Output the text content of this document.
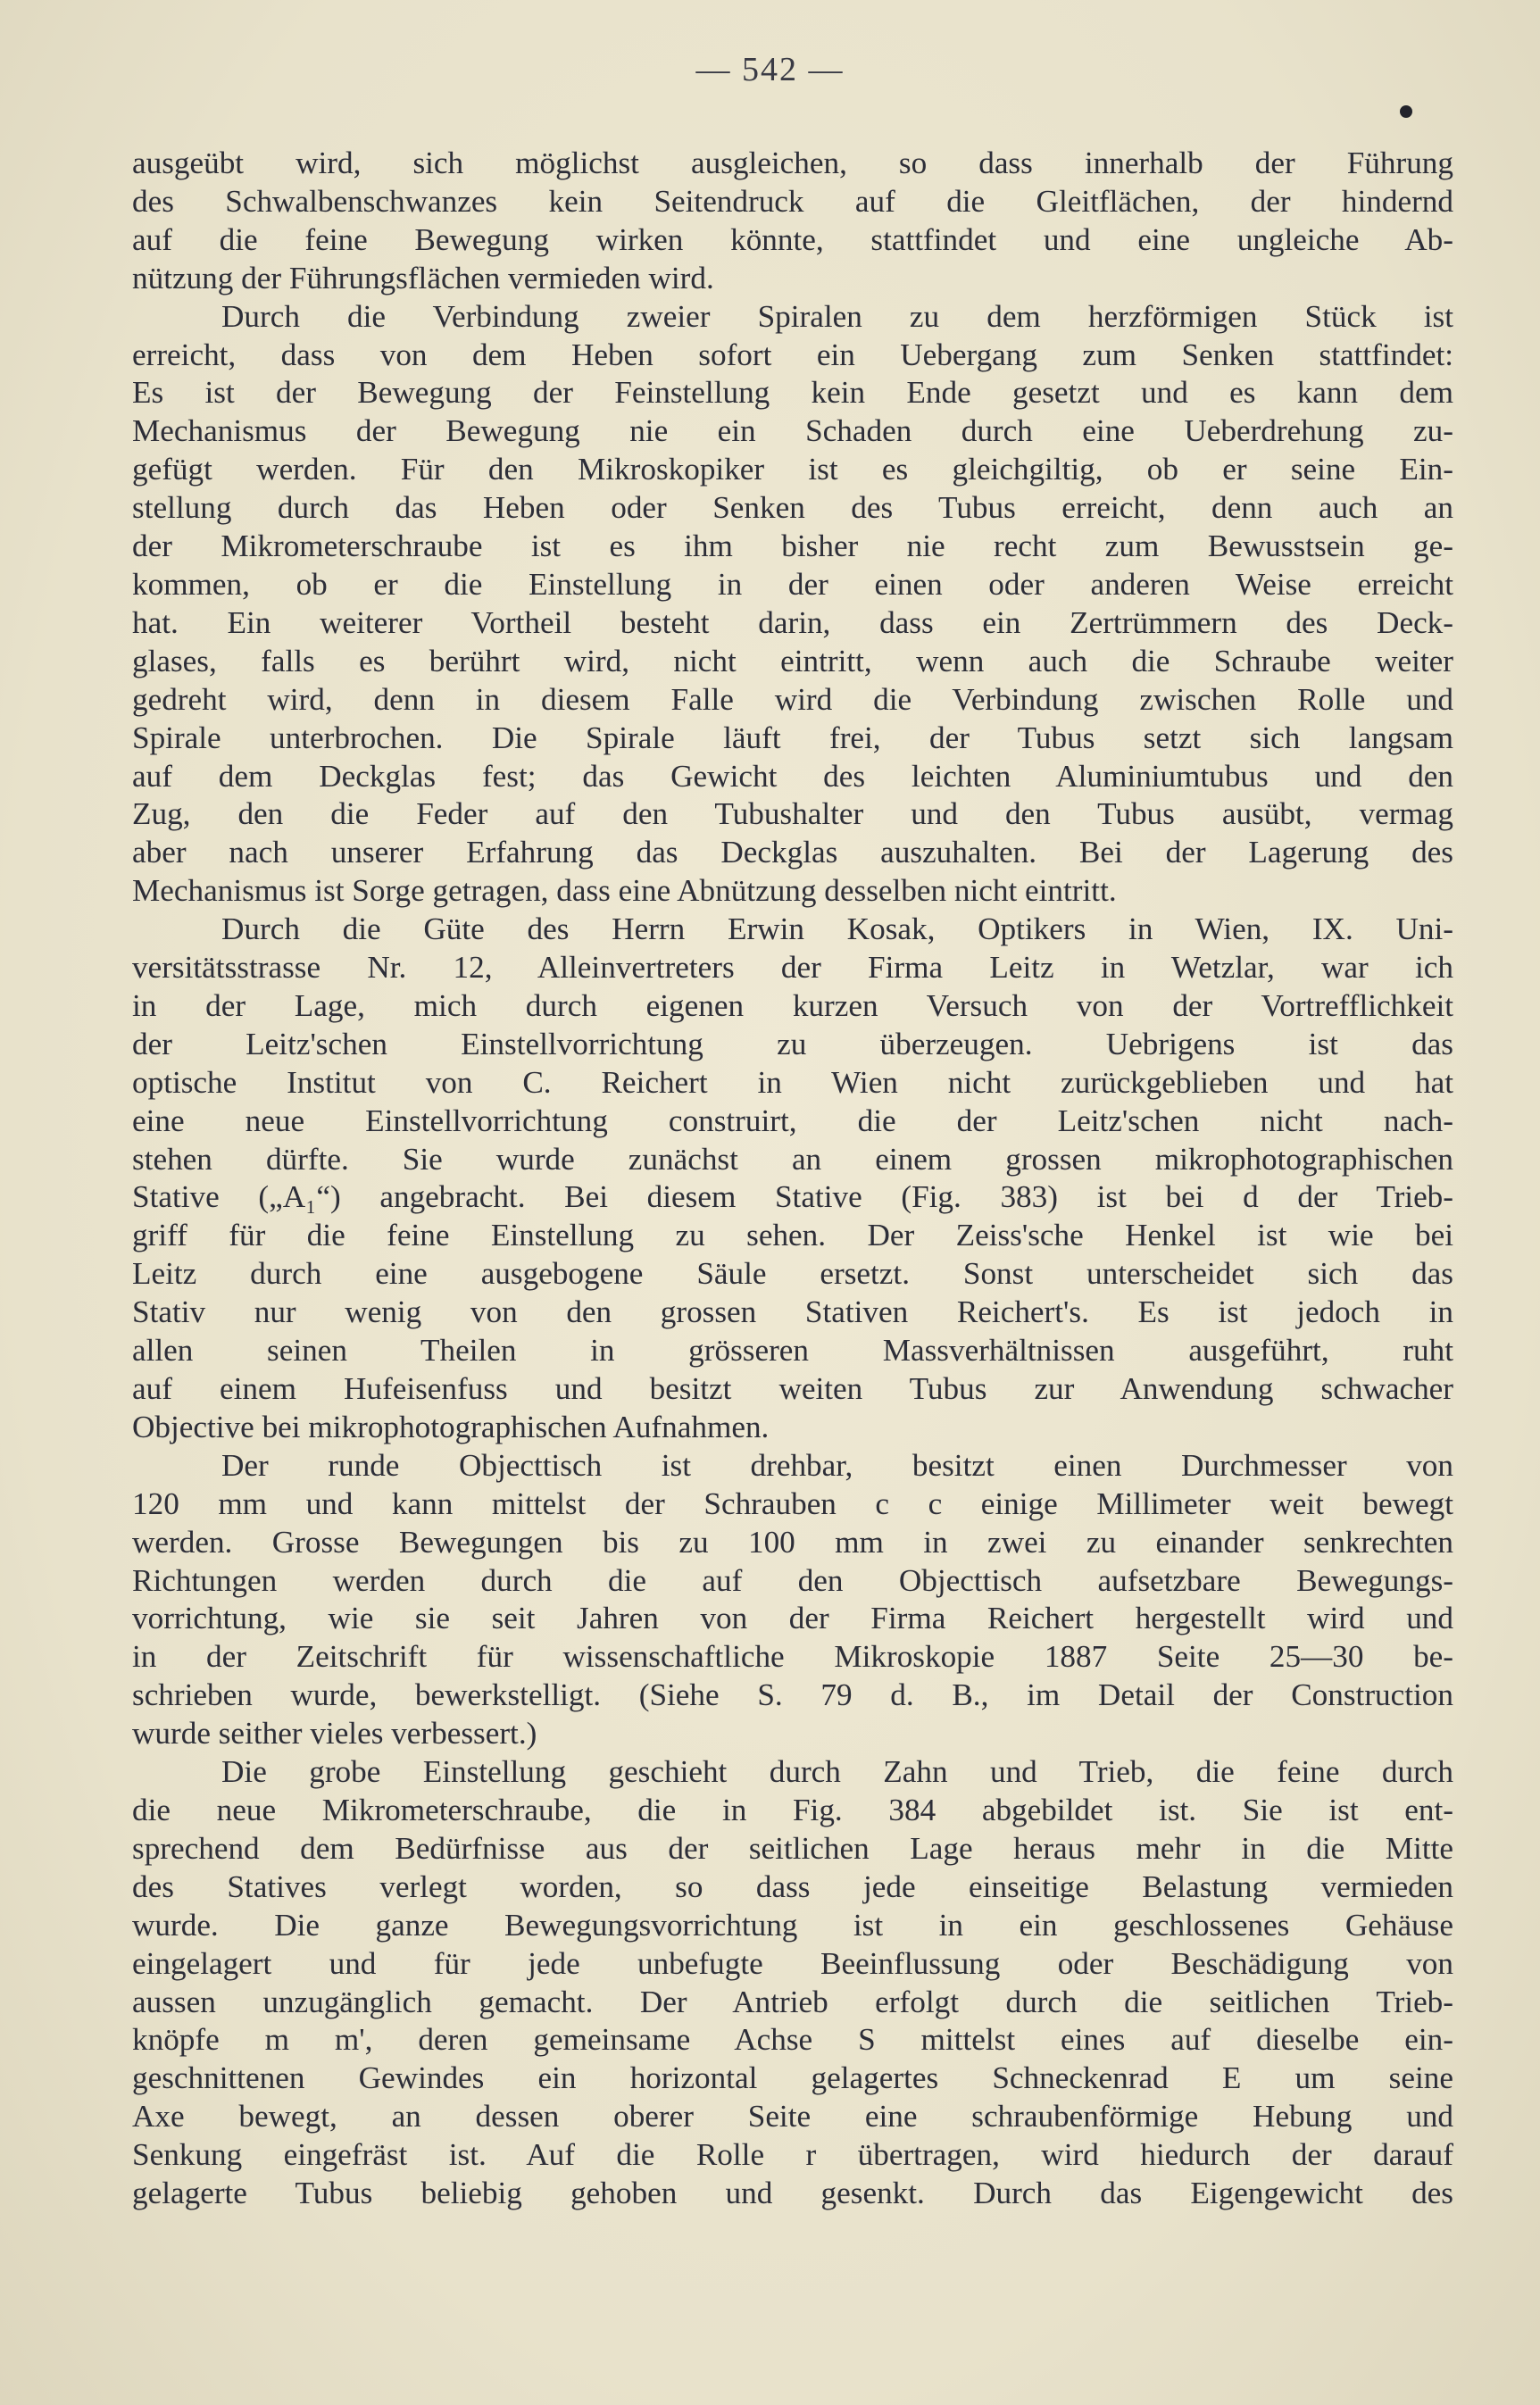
— 542 —
ausgeübt wird, sich möglichst ausgleichen, so dass innerhalb der Führung
des Schwalbenschwanzes kein Seitendruck auf die Gleitflächen, der hindernd
auf die feine Bewegung wirken könnte, stattfindet und eine ungleiche Ab-
nützung der Führungsflächen vermieden wird.
Durch die Verbindung zweier Spiralen zu dem herzförmigen Stück ist
erreicht, dass von dem Heben sofort ein Uebergang zum Senken stattfindet:
Es ist der Bewegung der Feinstellung kein Ende gesetzt und es kann dem
Mechanismus der Bewegung nie ein Schaden durch eine Ueberdrehung zu-
gefügt werden. Für den Mikroskopiker ist es gleichgiltig, ob er seine Ein-
stellung durch das Heben oder Senken des Tubus erreicht, denn auch an
der Mikrometerschraube ist es ihm bisher nie recht zum Bewusstsein ge-
kommen, ob er die Einstellung in der einen oder anderen Weise erreicht
hat. Ein weiterer Vortheil besteht darin, dass ein Zertrümmern des Deck-
glases, falls es berührt wird, nicht eintritt, wenn auch die Schraube weiter
gedreht wird, denn in diesem Falle wird die Verbindung zwischen Rolle und
Spirale unterbrochen. Die Spirale läuft frei, der Tubus setzt sich langsam
auf dem Deckglas fest; das Gewicht des leichten Aluminiumtubus und den
Zug, den die Feder auf den Tubushalter und den Tubus ausübt, vermag
aber nach unserer Erfahrung das Deckglas auszuhalten. Bei der Lagerung des
Mechanismus ist Sorge getragen, dass eine Abnützung desselben nicht eintritt.
Durch die Güte des Herrn Erwin Kosak, Optikers in Wien, IX. Uni-
versitätsstrasse Nr. 12, Alleinvertreters der Firma Leitz in Wetzlar, war ich
in der Lage, mich durch eigenen kurzen Versuch von der Vortrefflichkeit
der Leitz'schen Einstellvorrichtung zu überzeugen. Uebrigens ist das
optische Institut von C. Reichert in Wien nicht zurückgeblieben und hat
eine neue Einstellvorrichtung construirt, die der Leitz'schen nicht nach-
stehen dürfte. Sie wurde zunächst an einem grossen mikrophotographischen
Stative („A₁“) angebracht. Bei diesem Stative (Fig. 383) ist bei d der Trieb-
griff für die feine Einstellung zu sehen. Der Zeiss'sche Henkel ist wie bei
Leitz durch eine ausgebogene Säule ersetzt. Sonst unterscheidet sich das
Stativ nur wenig von den grossen Stativen Reichert's. Es ist jedoch in
allen seinen Theilen in grösseren Massverhältnissen ausgeführt, ruht
auf einem Hufeisenfuss und besitzt weiten Tubus zur Anwendung schwacher
Objective bei mikrophotographischen Aufnahmen.
Der runde Objecttisch ist drehbar, besitzt einen Durchmesser von
120 mm und kann mittelst der Schrauben c c einige Millimeter weit bewegt
werden. Grosse Bewegungen bis zu 100 mm in zwei zu einander senkrechten
Richtungen werden durch die auf den Objecttisch aufsetzbare Bewegungs-
vorrichtung, wie sie seit Jahren von der Firma Reichert hergestellt wird und
in der Zeitschrift für wissenschaftliche Mikroskopie 1887 Seite 25—30 be-
schrieben wurde, bewerkstelligt. (Siehe S. 79 d. B., im Detail der Construction
wurde seither vieles verbessert.)
Die grobe Einstellung geschieht durch Zahn und Trieb, die feine durch
die neue Mikrometerschraube, die in Fig. 384 abgebildet ist. Sie ist ent-
sprechend dem Bedürfnisse aus der seitlichen Lage heraus mehr in die Mitte
des Statives verlegt worden, so dass jede einseitige Belastung vermieden
wurde. Die ganze Bewegungsvorrichtung ist in ein geschlossenes Gehäuse
eingelagert und für jede unbefugte Beeinflussung oder Beschädigung von
aussen unzugänglich gemacht. Der Antrieb erfolgt durch die seitlichen Trieb-
knöpfe m m', deren gemeinsame Achse S mittelst eines auf dieselbe ein-
geschnittenen Gewindes ein horizontal gelagertes Schneckenrad E um seine
Axe bewegt, an dessen oberer Seite eine schraubenförmige Hebung und
Senkung eingefräst ist. Auf die Rolle r übertragen, wird hiedurch der darauf
gelagerte Tubus beliebig gehoben und gesenkt. Durch das Eigengewicht des
